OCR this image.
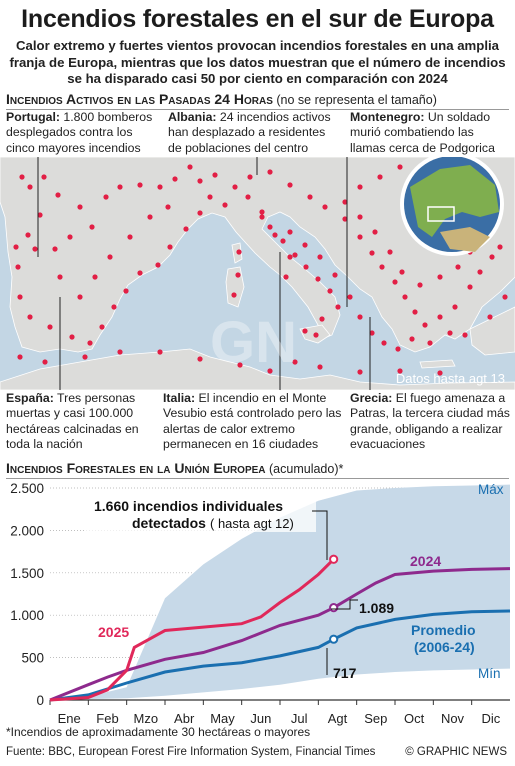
Incendios forestales en el sur de Europa
Calor extremo y fuertes vientos provocan incendios forestales en una amplia franja de Europa, mientras que los datos muestran que el número de incendios se ha disparado casi 50 por ciento en comparación con 2024
Incendios Activos en las Pasadas 24 Horas (no se representa el tamaño)
Portugal: 1.800 bomberos desplegados contra los cinco mayores incendios
Albania: 24 incendios activos han desplazado a residentes de poblaciones del centro
Montenegro: Un soldado murió combatiendo las llamas cerca de Podgorica
GN
Datos hasta agt 13
España: Tres personas muertas y casi 100.000 hectáreas calcinadas en toda la nación
Italia: El incendio en el Monte Vesubio está controlado pero las alertas de calor extremo permanecen en 16 ciudades
Grecia: El fuego amenaza a Patras, la tercera ciudad más grande, obligando a realizar evacuaciones
Incendios Forestales en la Unión Europea (acumulado)*
0
500
1.000
1.500
2.000
2.500
Ene Feb Mzo Abr May Jun Jul Agt Sep Oct Nov Dic
Máx
Mín
2025
2024
Promedio
(2006-24)
1.660 incendios individuales
detectados ( hasta agt 12)
1.089
717
*Incendios de aproximadamente 30 hectáreas o mayores
Fuente: BBC, European Forest Fire Information System, Financial Times	© GRAPHIC NEWS
